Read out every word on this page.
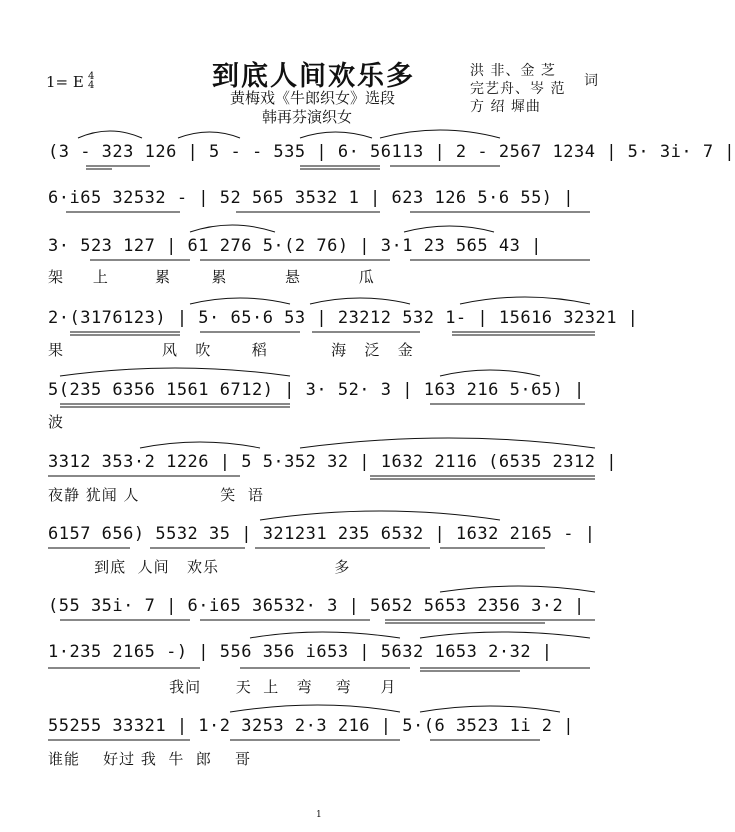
到底人间欢乐多
黄梅戏《牛郎织女》选段
韩再芬演织女
1= E 4
4
洪 非、金 芝
完艺舟、岑 范 词
方 绍 墀曲
(3 - 323 126 | 5 - - 535 | 6· 56113 | 2 - 2567 1234 | 5· 3i· 7 |
6·i65 32532 - | 52 565 3532 1 | 623 126 5·6 55) |
3· 523 127 | 61 276 5·(2 76) | 3·1 23 565 43 |
架     上        累       累          悬          瓜
2·(3176123) | 5· 65·6 53 | 23212 532 1- | 15616 32321 |
果                 风   吹       稻           海   泛   金
5(235 6356 1561 6712) | 3· 52· 3 | 163 216 5·65) |
波
3312 353·2 1226 | 5 5·352 32 | 1632 2116 (6535 2312 |
夜静 犹闻 人              笑  语
6157 656) 5532 35 | 321231 235 6532 | 1632 2165 - |
到底  人间   欢乐                    多
(55 35i· 7 | 6·i65 36532· 3 | 5652 5653 2356 3·2 |
1·235 2165 -) | 556 356 i653 | 5632 1653 2·32 |
我问      天  上   弯    弯     月
55255 33321 | 1·2 3253 2·3 216 | 5·(6 3523 1i 2 |
谁能    好过 我  牛  郎    哥
1
